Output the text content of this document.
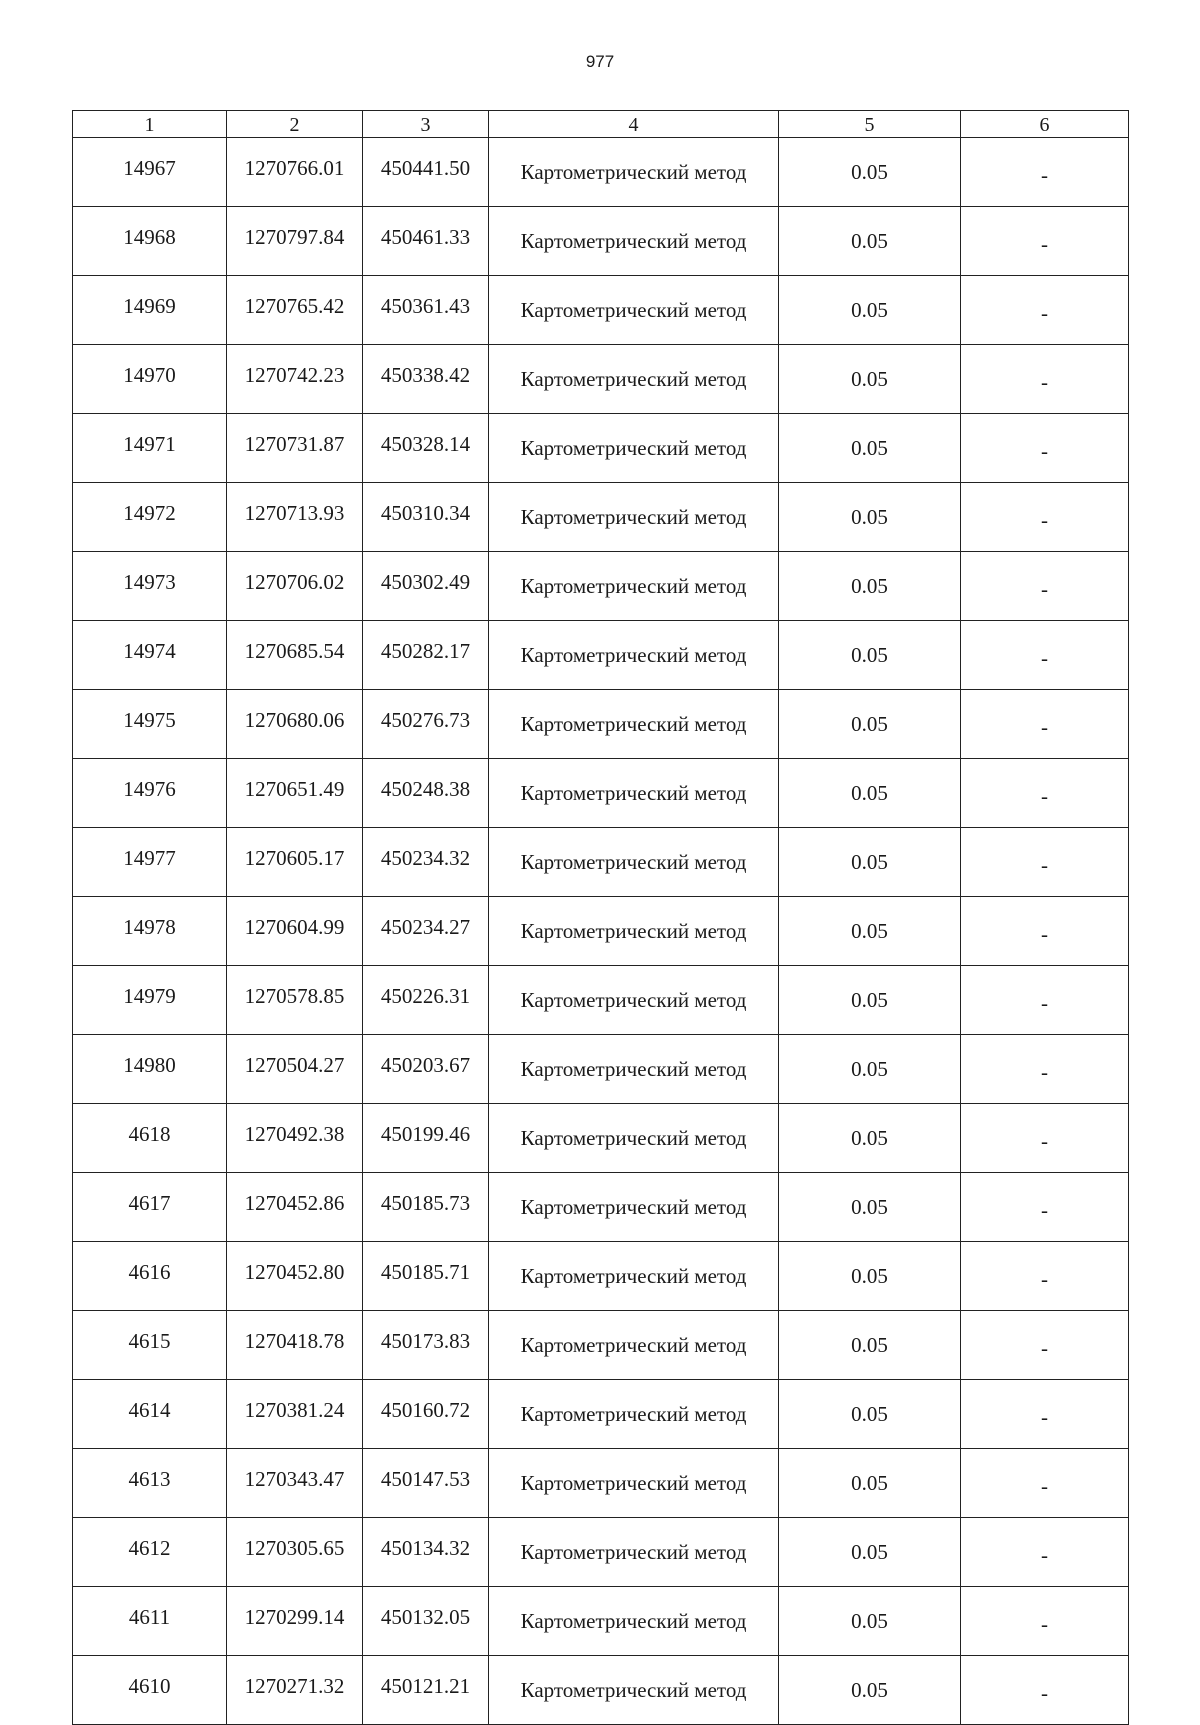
977
1	2	3	4	5	6
14967	1270766.01	450441.50	Картометрический метод	0.05	-
14968	1270797.84	450461.33	Картометрический метод	0.05	-
14969	1270765.42	450361.43	Картометрический метод	0.05	-
14970	1270742.23	450338.42	Картометрический метод	0.05	-
14971	1270731.87	450328.14	Картометрический метод	0.05	-
14972	1270713.93	450310.34	Картометрический метод	0.05	-
14973	1270706.02	450302.49	Картометрический метод	0.05	-
14974	1270685.54	450282.17	Картометрический метод	0.05	-
14975	1270680.06	450276.73	Картометрический метод	0.05	-
14976	1270651.49	450248.38	Картометрический метод	0.05	-
14977	1270605.17	450234.32	Картометрический метод	0.05	-
14978	1270604.99	450234.27	Картометрический метод	0.05	-
14979	1270578.85	450226.31	Картометрический метод	0.05	-
14980	1270504.27	450203.67	Картометрический метод	0.05	-
4618	1270492.38	450199.46	Картометрический метод	0.05	-
4617	1270452.86	450185.73	Картометрический метод	0.05	-
4616	1270452.80	450185.71	Картометрический метод	0.05	-
4615	1270418.78	450173.83	Картометрический метод	0.05	-
4614	1270381.24	450160.72	Картометрический метод	0.05	-
4613	1270343.47	450147.53	Картометрический метод	0.05	-
4612	1270305.65	450134.32	Картометрический метод	0.05	-
4611	1270299.14	450132.05	Картометрический метод	0.05	-
4610	1270271.32	450121.21	Картометрический метод	0.05	-
